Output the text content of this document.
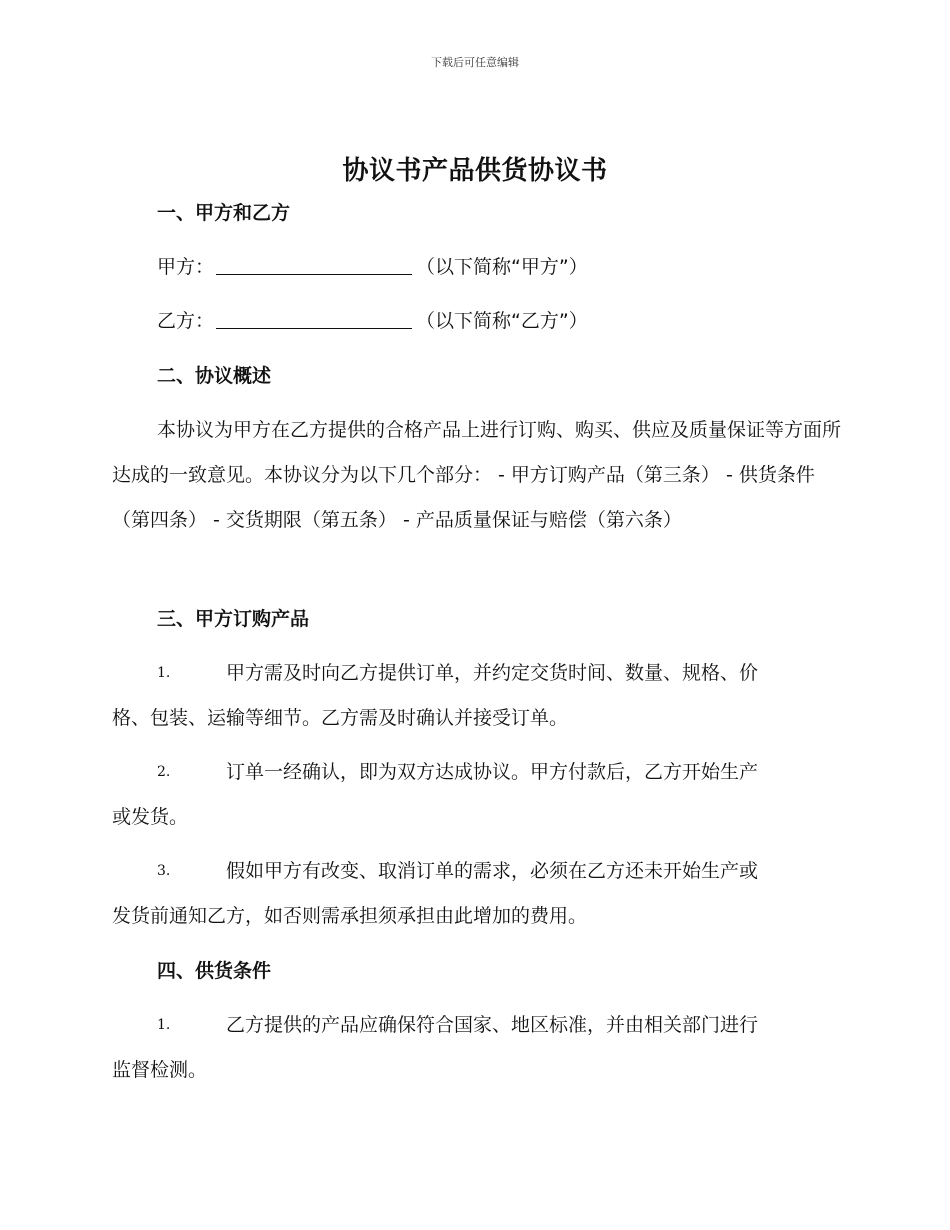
下载后可任意编辑
协议书产品供货协议书
一、甲方和乙方
甲方：	（以下简称“甲方”）
乙方：	（以下简称“乙方”）
二、协议概述
本协议为甲方在乙方提供的合格产品上进行订购、购买、供应及质量保证等方面所达成的一致意见。本协议分为以下几个部分： - 甲方订购产品（第三条） - 供货条件（第四条） - 交货期限（第五条） - 产品质量保证与赔偿（第六条）
三、甲方订购产品
1.	甲方需及时向乙方提供订单，并约定交货时间、数量、规格、价
格、包装、运输等细节。乙方需及时确认并接受订单。
2.	订单一经确认，即为双方达成协议。甲方付款后，乙方开始生产
或发货。
3.	假如甲方有改变、取消订单的需求，必须在乙方还未开始生产或
发货前通知乙方，如否则需承担须承担由此增加的费用。
四、供货条件
1.	乙方提供的产品应确保符合国家、地区标准，并由相关部门进行
监督检测。
